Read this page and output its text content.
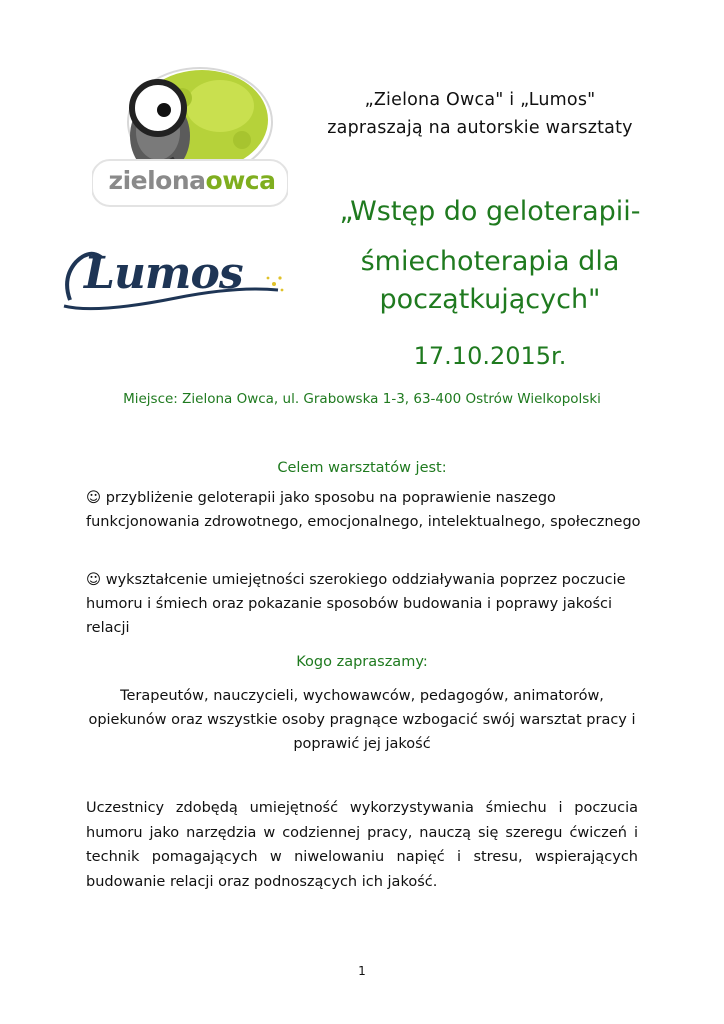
zielonaowca
Lumos
„Zielona Owca" i „Lumos"
zapraszają na autorskie warsztaty
„Wstęp do geloterapii-
śmiechoterapia dla
początkujących"
17.10.2015r.
Miejsce: Zielona Owca, ul. Grabowska 1-3, 63-400 Ostrów Wielkopolski
Celem warsztatów jest:
☺ przybliżenie geloterapii jako sposobu na poprawienie naszego funkcjonowania zdrowotnego, emocjonalnego, intelektualnego, społecznego
☺ wykształcenie umiejętności szerokiego oddziaływania poprzez poczucie humoru i śmiech oraz pokazanie sposobów budowania i poprawy jakości relacji
Kogo zapraszamy:
Terapeutów, nauczycieli, wychowawców, pedagogów, animatorów, opiekunów oraz wszystkie osoby pragnące wzbogacić swój warsztat pracy i poprawić jej jakość
Uczestnicy zdobędą umiejętność wykorzystywania śmiechu i poczucia humoru jako narzędzia w codziennej pracy, nauczą się szeregu ćwiczeń i technik pomagających w niwelowaniu napięć i stresu, wspierających budowanie relacji oraz podnoszących ich jakość.
1
